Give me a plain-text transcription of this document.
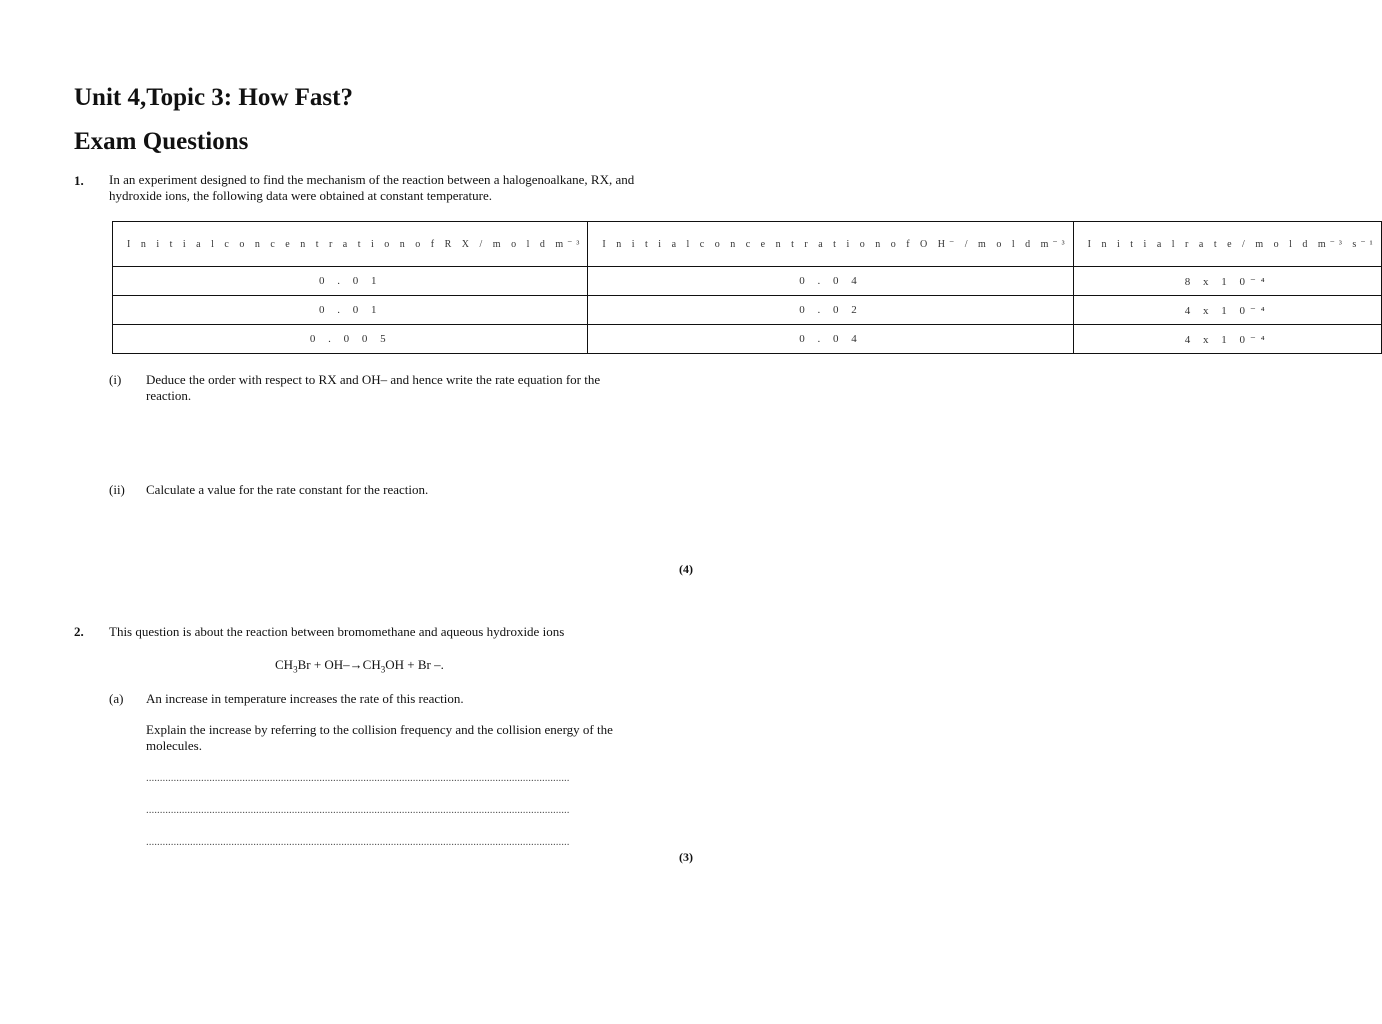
Unit 4,Topic 3: How Fast?
Exam Questions
1. In an experiment designed to find the mechanism of the reaction between a halogenoalkane, RX, and hydroxide ions, the following data were obtained at constant temperature.
I n i t i a l c o n c e n t r a t i o n o f R X / m o l d m⁻³	I n i t i a l c o n c e n t r a t i o n o f O H⁻ / m o l d m⁻³	I n i t i a l r a t e / m o l d m⁻³ s⁻¹
0 . 0 1	0 . 0 4	8 x 1 0⁻⁴
0 . 0 1	0 . 0 2	4 x 1 0⁻⁴
0 . 0 0 5	0 . 0 4	4 x 1 0⁻⁴
(i) Deduce the order with respect to RX and OH– and hence write the rate equation for the reaction.
(ii) Calculate a value for the rate constant for the reaction.
(4)
2. This question is about the reaction between bromomethane and aqueous hydroxide ions
$CH_3Br + OH-\to CH_3OH + Br$ –.
(a) An increase in temperature increases the rate of this reaction.
Explain the increase by referring to the collision frequency and the collision energy of the molecules.
..........................................................................................................................................................
..........................................................................................................................................................
..........................................................................................................................................................
(3)
